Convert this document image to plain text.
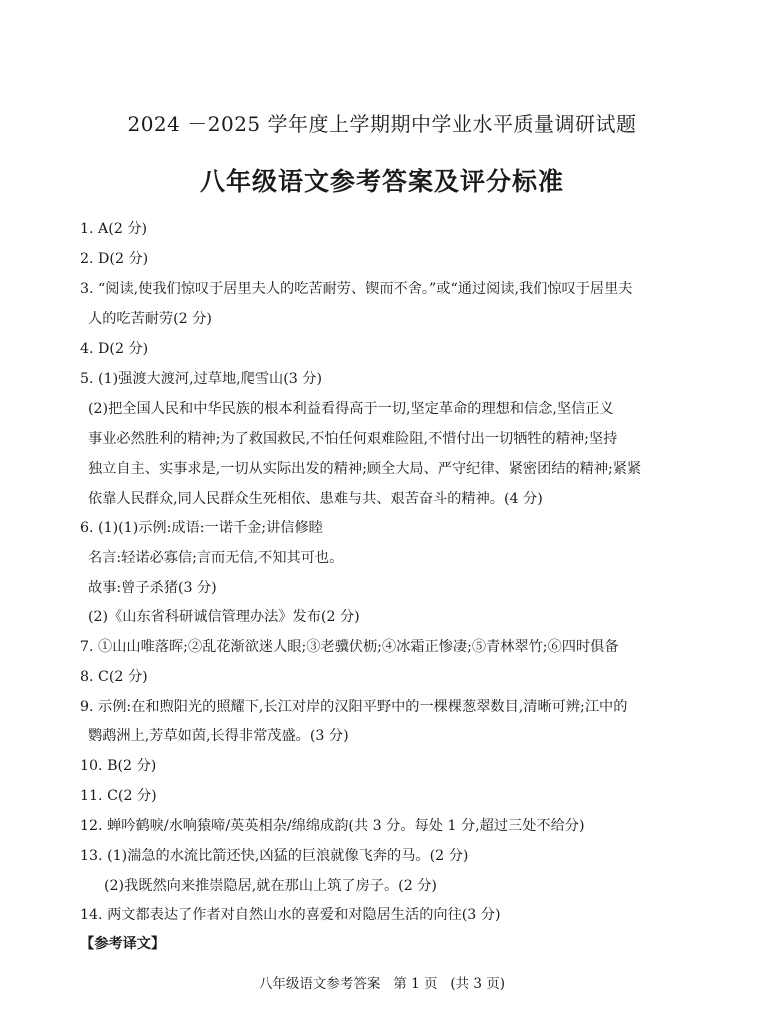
2024 －2025 学年度上学期期中学业水平质量调研试题
八年级语文参考答案及评分标准
1. A(2 分)
2. D(2 分)
3. “阅读,使我们惊叹于居里夫人的吃苦耐劳、锲而不舍。”或“通过阅读,我们惊叹于居里夫
人的吃苦耐劳(2 分)
4. D(2 分)
5. (1)强渡大渡河,过草地,爬雪山(3 分)
(2)把全国人民和中华民族的根本利益看得高于一切,坚定革命的理想和信念,坚信正义
事业必然胜利的精神;为了救国救民,不怕任何艰难险阻,不惜付出一切牺牲的精神;坚持
独立自主、实事求是,一切从实际出发的精神;顾全大局、严守纪律、紧密团结的精神;紧紧
依靠人民群众,同人民群众生死相依、患难与共、艰苦奋斗的精神。(4 分)
6. (1)(1)示例:成语:一诺千金;讲信修睦
名言:轻诺必寡信;言而无信,不知其可也。
故事:曾子杀猪(3 分)
(2)《山东省科研诚信管理办法》发布(2 分)
7. ①山山唯落晖;②乱花渐欲迷人眼;③老骥伏枥;④冰霜正惨凄;⑤青林翠竹;⑥四时俱备
8. C(2 分)
9. 示例:在和煦阳光的照耀下,长江对岸的汉阳平野中的一棵棵葱翠数目,清晰可辨;江中的
鹦鹉洲上,芳草如茵,长得非常茂盛。(3 分)
10. B(2 分)
11. C(2 分)
12. 蝉吟鹤唳/水响猿啼/英英相杂/绵绵成韵(共 3 分。每处 1 分,超过三处不给分)
13. (1)湍急的水流比箭还快,凶猛的巨浪就像飞奔的马。(2 分)
(2)我既然向来推崇隐居,就在那山上筑了房子。(2 分)
14. 两文都表达了作者对自然山水的喜爱和对隐居生活的向往(3 分)
【参考译文】
八年级语文参考答案   第 1 页   (共 3 页)
